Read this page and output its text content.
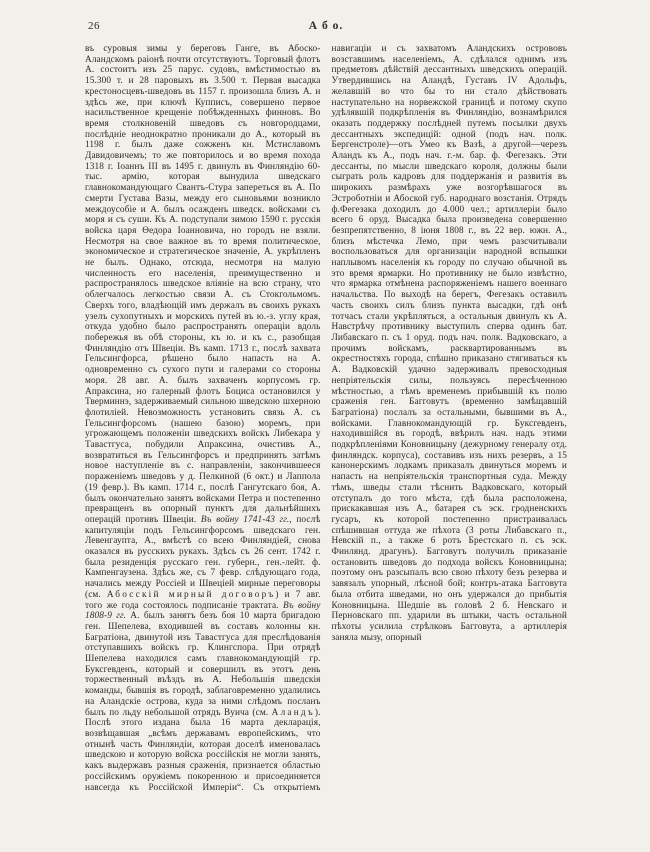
26	А б о.
въ суровыя зимы у береговъ Ганге, въ Абоско-Аландскомъ раіонѣ почти отсутствуютъ. Торговый флотъ А. состоитъ изъ 25 парус. судовъ, вмѣстимостью въ 15.300 т. и 28 паровыхъ въ 3.500 т. Первая высадка крестоносцевъ-шведовъ въ 1157 г. произошла близъ А. и здѣсь же, при ключѣ Купписъ, совершено первое насильственное крещеніе побѣжденныхъ финновъ. Во время столкновеній шведовъ съ новгородцами, послѣдніе неоднократно проникали до А., который въ 1198 г. былъ даже сожженъ кн. Мстиславомъ Давидовичемъ; то же повторилось и во время похода 1318 г. Іоаннъ III въ 1495 г. двинулъ въ Финляндію 60-тыс. армію, которая вынудила шведскаго главнокомандующаго Свантъ-Стура запереться въ А. По смерти Густава Вазы, между его сыновьями возникло междоусобіе и А. былъ осажденъ шведск. войсками съ моря и съ суши. Къ А. подступали зимою 1590 г. русскія войска царя Ѳедора Іоанновича, но городъ не взяли. Несмотря на свое важное въ то время политическое, экономическое и стратегическое значеніе, А. укрѣпленъ не былъ. Однако, отсюда, несмотря на малую численность его населенія, преимущественно и распространялось шведское вліяніе на всю страну, что облегчалось легкостью связи А. съ Стокгольмомъ. Сверхъ того, владѣющій имъ держалъ въ своихъ рукахъ узелъ сухопутныхъ и морскихъ путей въ ю.-з. углу края, откуда удобно было распространять операціи вдоль побережья въ обѣ стороны, къ ю. и къ с., разобщая Финляндію отъ Швеціи. Въ камп. 1713 г., послѣ захвата Гельсингфорса, рѣшено было напасть на А. одновременно съ сухого пути и галерами со стороны моря. 28 авг. А. былъ захваченъ корпусомъ гр. Апраксина, но галерный флотъ Боциса остановился у Тверминнэ, задерживаемый сильною шведскою шхерною флотиліей. Невозможность установить связь А. съ Гельсингфорсомъ (нашею базою) моремъ, при угрожающемъ положеніи шведскихъ войскъ Либекара у Тавастгуса, побудили Апраксина, очистивъ А., возвратиться въ Гельсингфорсъ и предпринять затѣмъ новое наступленіе въ с. направленіи, закончившееся пораженіемъ шведовъ у д. Пелкиной (6 окт.) и Лаппола (19 февр.). Въ камп. 1714 г., послѣ Гангутскаго боя, А. былъ окончательно занятъ войсками Петра и постепенно превращенъ въ опорный пунктъ для дальнѣйшихъ операцій противъ Швеціи. Въ войну 1741-43 гг., послѣ капитуляціи подъ Гельсингфорсомъ шведскаго ген. Левенгаупта, А., вмѣстѣ со всею Финляндіей, снова оказался въ русскихъ рукахъ. Здѣсь съ 26 сент. 1742 г. была резиденція русскаго ген. губерн., ген.-лейт. ф. Кампенгаузена. Здѣсь же, съ 7 февр. слѣдующаго года, начались между Россіей и Швеціей мирные переговоры (см. Абосскій мирный договоръ) и 7 авг. того же года состоялось подписаніе трактата. Въ войну 1808-9 гг. А. былъ занятъ безъ боя 10 марта бригадою ген. Шепелева, входившей въ составъ колонны кн. Багратіона, двинутой изъ Тавастгуса для преслѣдованія отступавшихъ войскъ гр. Клингспора. При отрядѣ Шепелева находился самъ главнокомандующій гр. Буксгевденъ, который и совершилъ въ этотъ день торжественный въѣздъ въ А. Небольшія шведскія команды, бывшія въ городѣ, заблаговременно удалились на Аландскіе острова, куда за ними слѣдомъ посланъ былъ по льду небольшой отрядъ Вуича (см. Аландъ). Послѣ этого издана была 16 марта декларація, возвѣщавшая „всѣмъ державамъ европейскимъ, что отнынѣ часть Финляндіи, которая доселѣ именовалась шведскою и которую войска россійскія не могли занять, какъ выдержавъ разныя сраженія, признается областью россійскимъ оружіемъ покоренною и присоединяется навсегда къ Россійской Имперіи“. Съ открытіемъ навигаціи и съ захватомъ Аландскихъ острововъ возставшимъ населеніемъ, А. сдѣлался однимъ изъ предметовъ дѣйствій дессантныхъ шведскихъ операцій. Утвердившись на Аландѣ, Густавъ IV Адольфъ, желавшій во что бы то ни стало дѣйствовать наступательно на норвежской границѣ и потому скупо удѣлявшій подкрѣпленія въ Финляндію, вознамѣрился оказать поддержку послѣдней путемъ посылки двухъ дессантныхъ экспедицій: одной (подъ нач. полк. Бергенстроле)—отъ Умео къ Вазѣ, а другой—черезъ Аландъ къ А., подъ нач. г.-м. бар. ф. Фегезакъ. Эти дессанты, по мысли шведскаго короля, должны были сыграть роль кадровъ для поддержанія и развитія въ широкихъ размѣрахъ уже возгорѣвшагося въ Эстроботніи и Абоской губ. народнаго возстанія. Отрядъ ф.Фегезака доходилъ до 4.000 чел.; артиллеріи было всего 6 оруд. Высадка была произведена совершенно безпрепятственно, 8 іюня 1808 г., въ 22 вер. южн. А., близъ мѣстечка Лемо, при чемъ разсчитывали воспользоваться для организаціи народной вспышки наплывомъ населенія къ городу по случаю обычной въ это время ярмарки. Но противнику не было извѣстно, что ярмарка отмѣнена распоряженіемъ нашего военнаго начальства. По выходѣ на берегъ, Фегезакъ оставилъ часть своихъ силъ близъ пункта высадки, гдѣ онѣ тотчасъ стали укрѣпляться, а остальныя двинулъ къ А. Навстрѣчу противнику выступилъ сперва одинъ бат. Либавскаго п. съ 1 оруд. подъ нач. полк. Вадковскаго, а прочимъ войскамъ, расквартированнымъ въ окрестностяхъ города, спѣшно приказано стягиваться къ А. Вадковскій удачно задерживалъ превосходныя непріятельскія силы, пользуясь пересѣченною мѣстностью, а тѣмъ временемъ прибывшій къ полю сраженія ген. Багговутъ (временно замѣщавшій Багратіона) послалъ за остальными, бывшими въ А., войсками. Главнокомандующій гр. Буксгевденъ, находившійся въ городѣ, ввѣрилъ нач. надъ этими подкрѣпленіями Коновницыну (дежурному генералу отд. финляндск. корпуса), составивъ изъ нихъ резервъ, а 15 канонерскимъ лодкамъ приказалъ двинуться моремъ и напасть на непріятельскія транспортныя суда. Между тѣмъ, шведы стали тѣснить Вадковскаго, который отступалъ до того мѣста, гдѣ была расположена, прискакавшая изъ А., батарея съ эск. гродненскихъ гусаръ, къ которой постепенно пристраивалась спѣшившая оттуда же пѣхота (3 роты Либавскаго п., Невскій п., а также 6 ротъ Брестскаго п. съ эск. Финлянд. драгунъ). Багговутъ получилъ приказаніе остановить шведовъ до подхода войскъ Коновницына; поэтому онъ разсыпалъ всю свою пѣхоту безъ резерва и завязалъ упорный, лѣсной бой; контръ-атака Багговута была отбита шведами, но онъ удержался до прибытія Коновницына. Шедшіе въ головѣ 2 б. Невскаго и Перновскаго пп. ударили въ штыки, часть остальной пѣхоты усилила стрѣлковъ Багговута, а артиллерія заняла мызу, опорный
